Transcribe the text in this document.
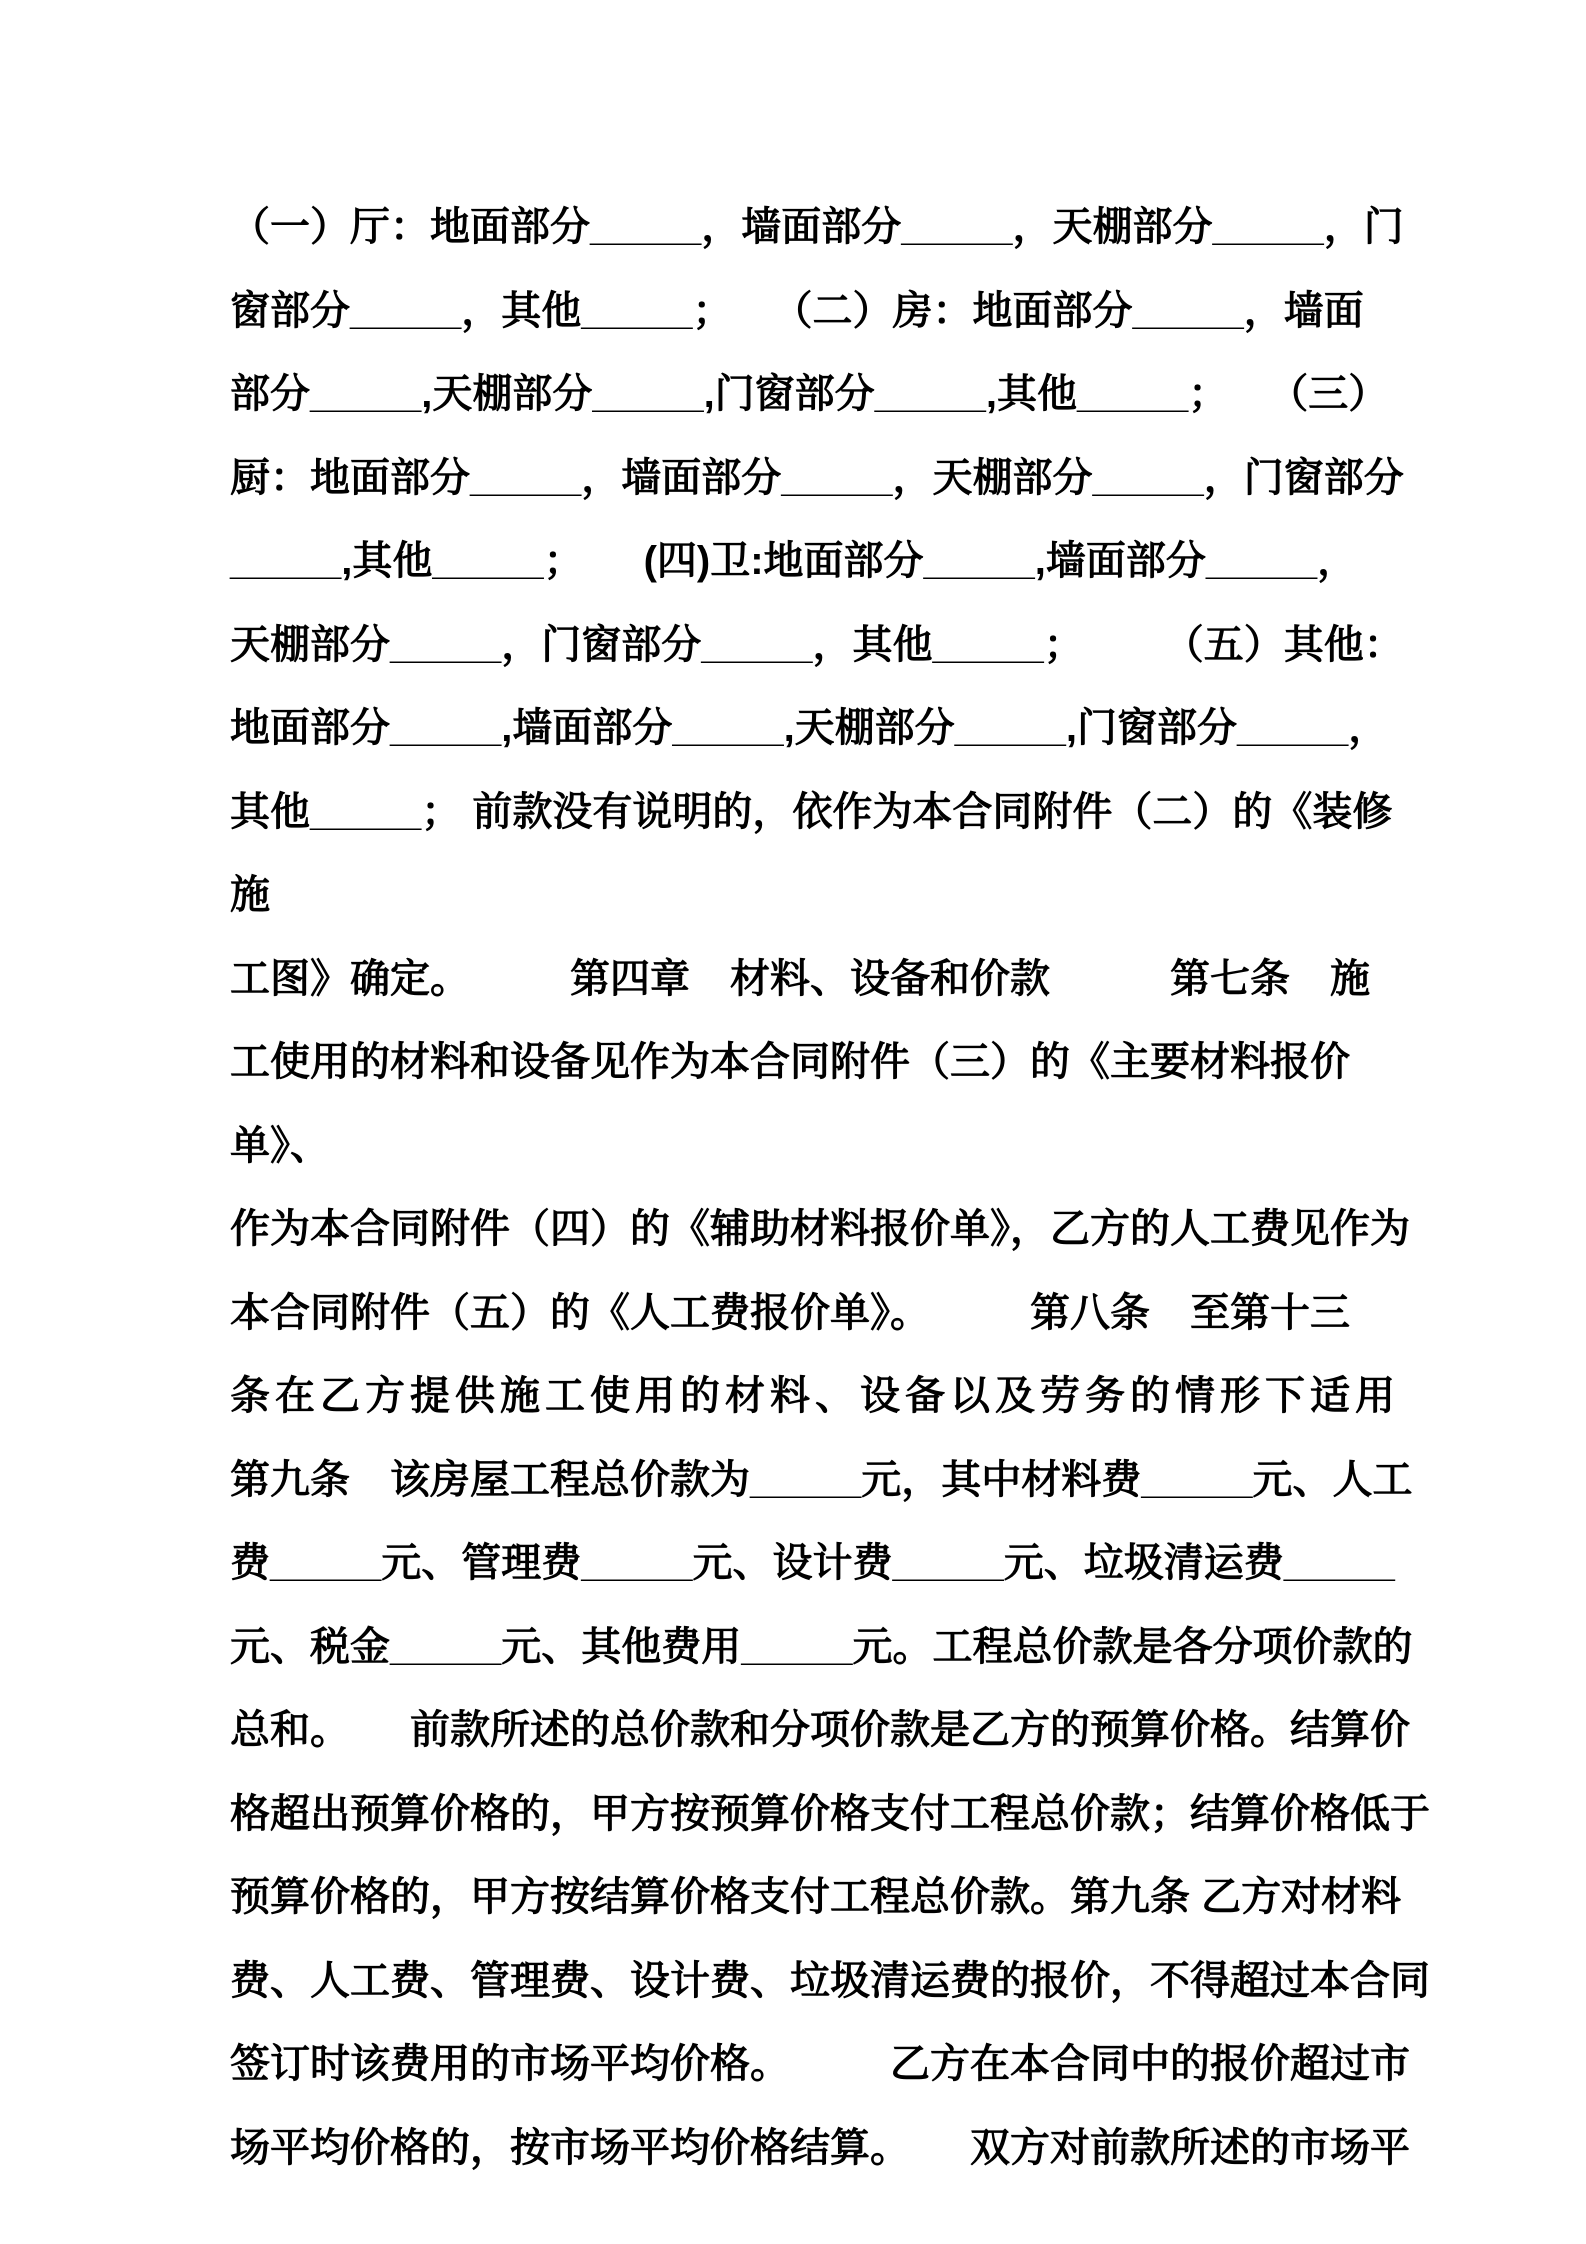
（一）厅：地面部分_____，墙面部分_____，天棚部分_____，门
窗部分_____，其他_____；　　（二）房：地面部分_____，墙面
部分_____,天棚部分_____,门窗部分_____,其他_____；　　（三）
厨：地面部分_____，墙面部分_____，天棚部分_____，门窗部分
_____,其他_____；　　(四)卫:地面部分_____,墙面部分_____，
天棚部分_____，门窗部分_____，其他_____；　　　（五）其他：
地面部分_____,墙面部分_____,天棚部分_____,门窗部分_____，
其他_____； 前款没有说明的，依作为本合同附件（二）的《装修施
工图》确定。　　　第四章　材料、设备和价款　　　第七条　施
工使用的材料和设备见作为本合同附件（三）的《主要材料报价单》、
作为本合同附件（四）的《辅助材料报价单》，乙方的人工费见作为
本合同附件（五）的《人工费报价单》。　　　第八条　至第十三
条在乙方提供施工使用的材料、设备以及劳务的情形下适用
第九条　该房屋工程总价款为_____元，其中材料费_____元、人工
费_____元、管理费_____元、设计费_____元、垃圾清运费_____
元、税金_____元、其他费用_____元。工程总价款是各分项价款的
总和。　　前款所述的总价款和分项价款是乙方的预算价格。结算价
格超出预算价格的，甲方按预算价格支付工程总价款；结算价格低于
预算价格的，甲方按结算价格支付工程总价款。第九条 乙方对材料
费、人工费、管理费、设计费、垃圾清运费的报价，不得超过本合同
签订时该费用的市场平均价格。　　　乙方在本合同中的报价超过市
场平均价格的，按市场平均价格结算。　　双方对前款所述的市场平
